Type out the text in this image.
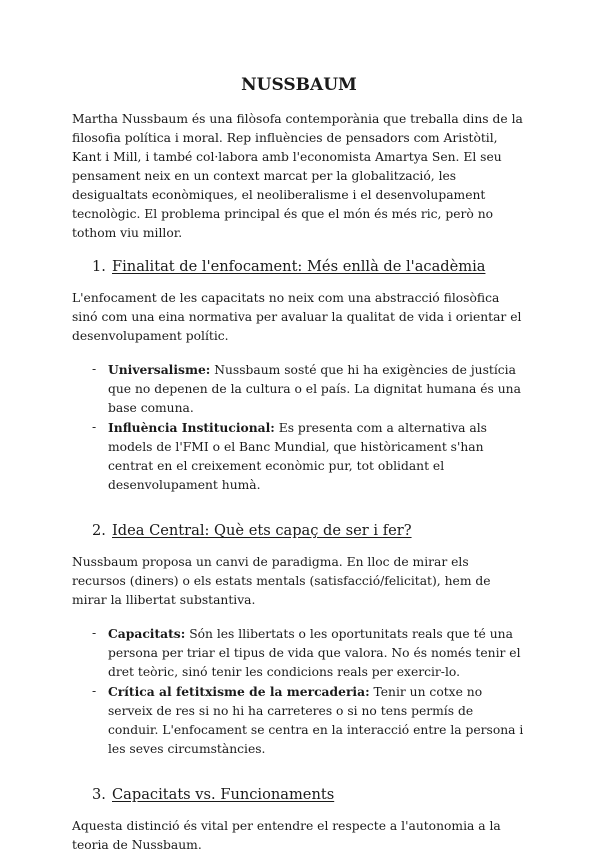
NUSSBAUM

Martha Nussbaum és una filòsofa contemporània que treballa dins de la filosofia política i moral. Rep influències de pensadors com Aristòtil, Kant i Mill, i també col·labora amb l'economista Amartya Sen. El seu pensament neix en un context marcat per la globalització, les desigualtats econòmiques, el neoliberalisme i el desenvolupament tecnològic. El problema principal és que el món és més ric, però no tothom viu millor.

1. Finalitat de l'enfocament: Més enllà de l'acadèmia

L'enfocament de les capacitats no neix com una abstracció filosòfica sinó com una eina normativa per avaluar la qualitat de vida i orientar el desenvolupament polític.

- Universalisme: Nussbaum sosté que hi ha exigències de justícia que no depenen de la cultura o el país. La dignitat humana és una base comuna.
- Influència Institucional: Es presenta com a alternativa als models de l'FMI o el Banc Mundial, que històricament s'han centrat en el creixement econòmic pur, tot oblidant el desenvolupament humà.
2. Idea Central: Què ets capaç de ser i fer?

Nussbaum proposa un canvi de paradigma. En lloc de mirar els recursos (diners) o els estats mentals (satisfacció/felicitat), hem de mirar la llibertat substantiva.

- Capacitats: Són les llibertats o les oportunitats reals que té una persona per triar el tipus de vida que valora. No és només tenir el dret teòric, sinó tenir les condicions reals per exercir-lo.
- Crítica al fetitxisme de la mercaderia: Tenir un cotxe no serveix de res si no hi ha carreteres o si no tens permís de conduir. L'enfocament se centra en la interacció entre la persona i les seves circumstàncies.
3. Capacitats vs. Funcionaments

Aquesta distinció és vital per entendre el respecte a l'autonomia a la teoria de Nussbaum.
